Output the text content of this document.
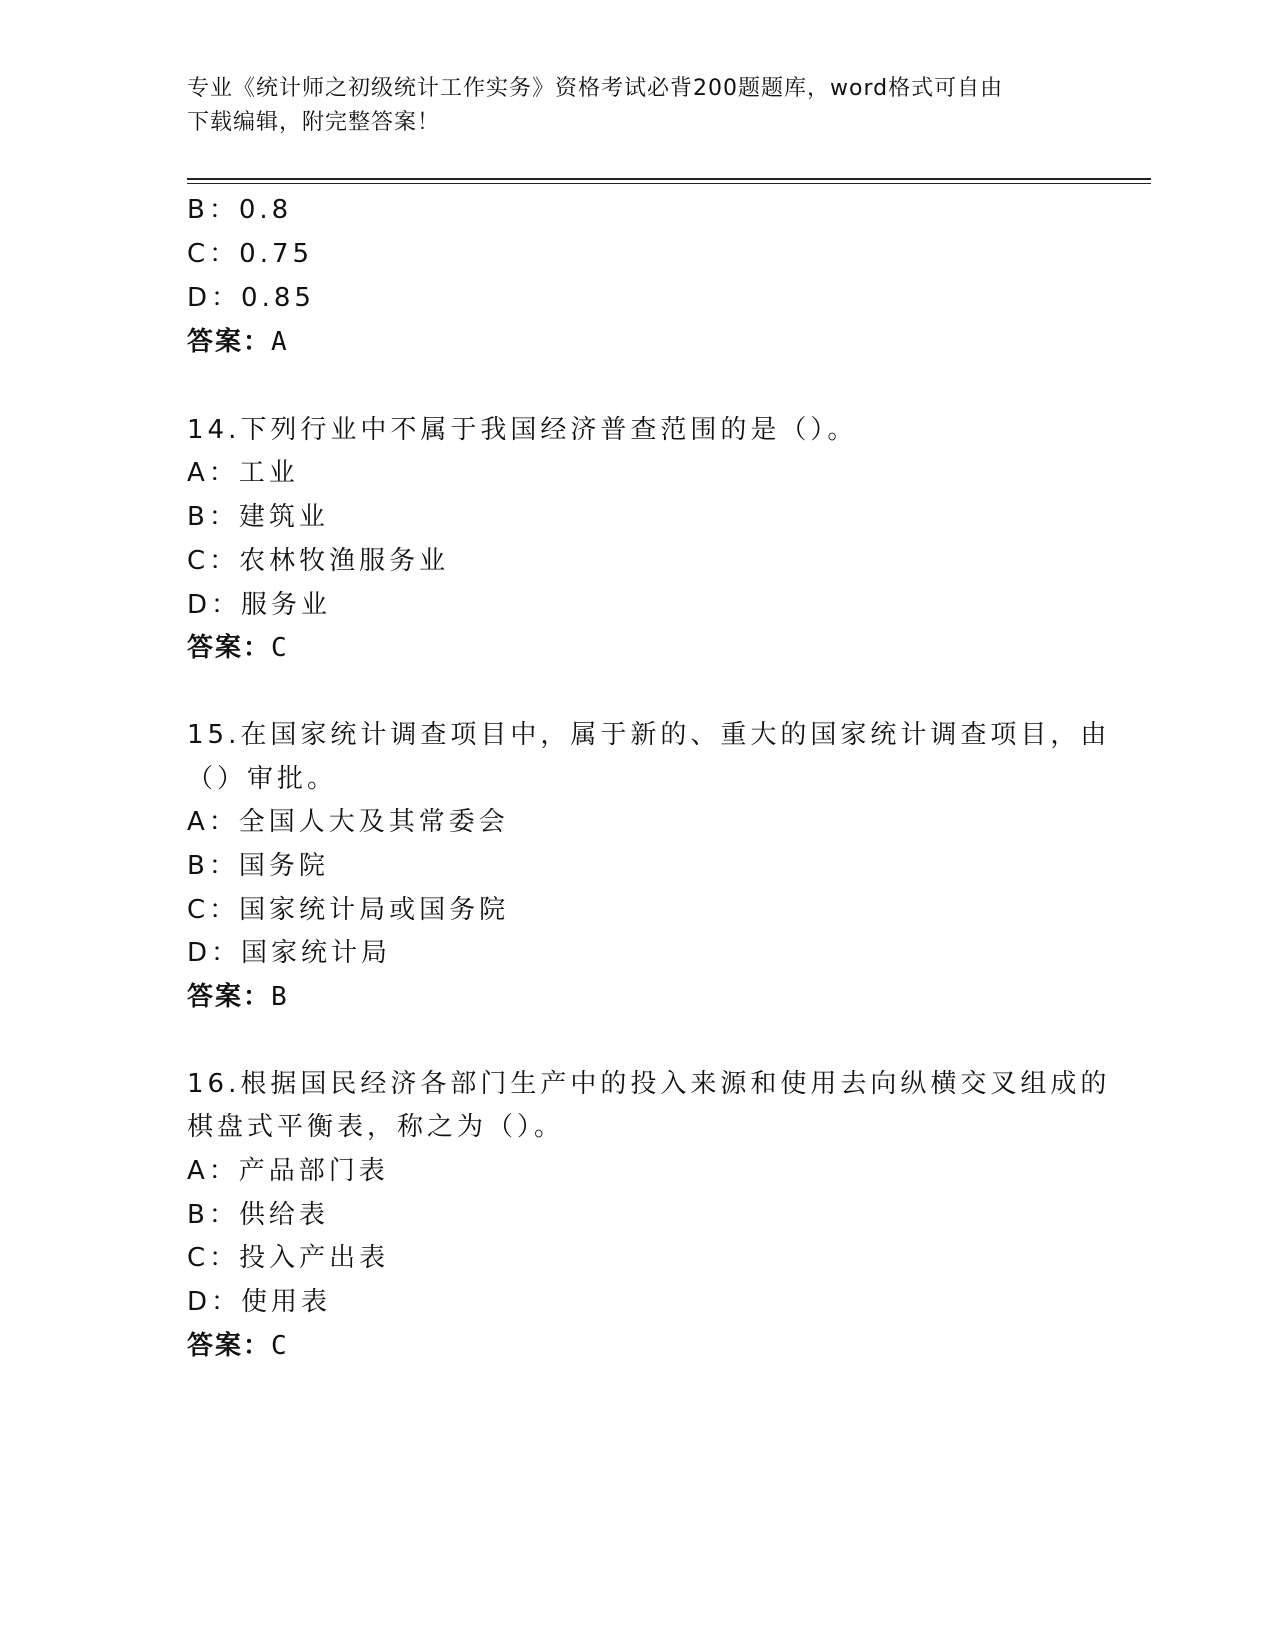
专业《统计师之初级统计工作实务》资格考试必背200题题库，word格式可自由
下载编辑，附完整答案！
B：0.8
C：0.75
D：0.85
答案：A
14.下列行业中不属于我国经济普查范围的是（）。
A：工业
B：建筑业
C：农林牧渔服务业
D：服务业
答案：C
15.在国家统计调查项目中，属于新的、重大的国家统计调查项目，由
（）审批。
A：全国人大及其常委会
B：国务院
C：国家统计局或国务院
D：国家统计局
答案：B
16.根据国民经济各部门生产中的投入来源和使用去向纵横交叉组成的
棋盘式平衡表，称之为（）。
A：产品部门表
B：供给表
C：投入产出表
D：使用表
答案：C
